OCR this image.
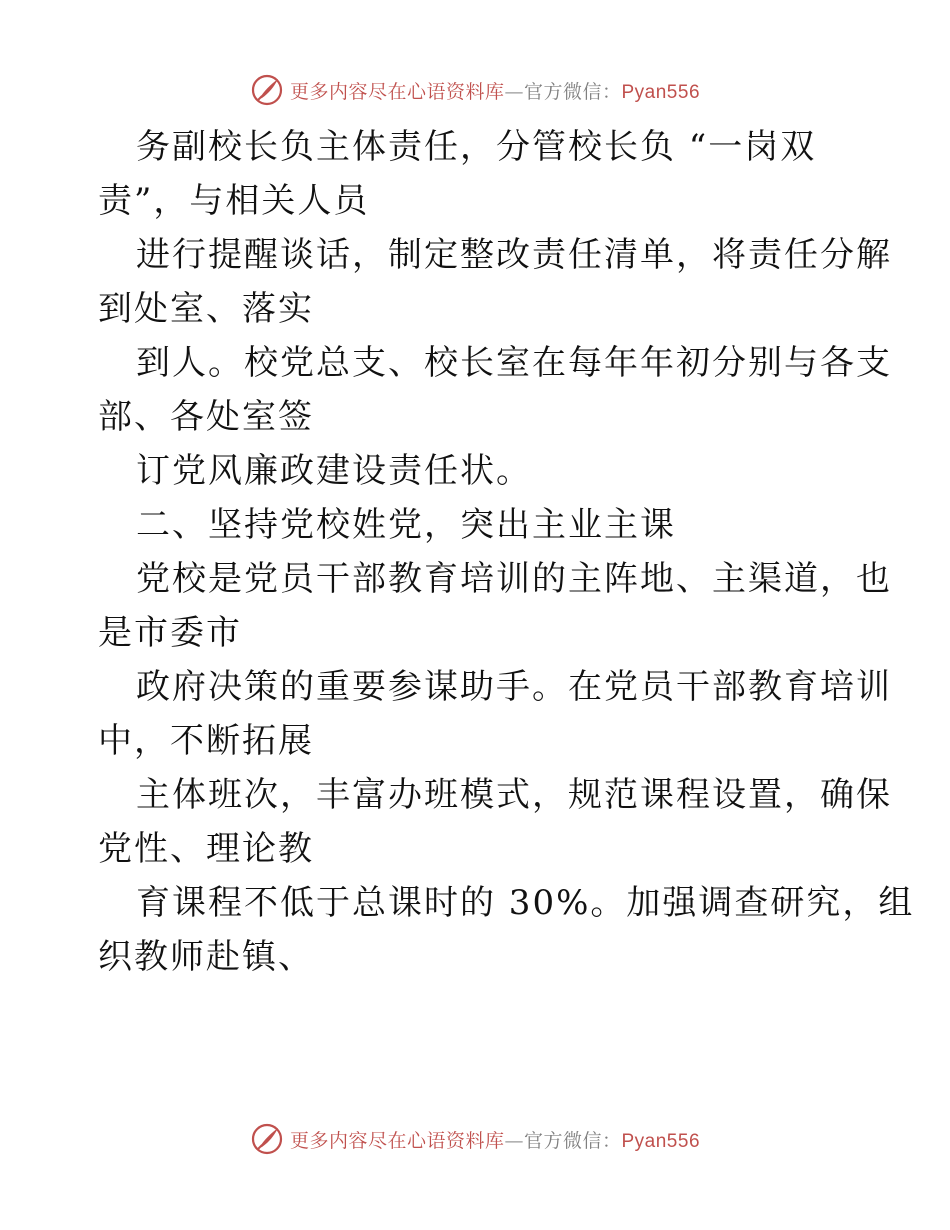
更多内容尽在心语资料库—官方微信：Pyan556
务副校长负主体责任，分管校长负 “一岗双
责”，与相关人员
进行提醒谈话，制定整改责任清单，将责任分解
到处室、落实
到人。校党总支、校长室在每年年初分别与各支
部、各处室签
订党风廉政建设责任状。
二、坚持党校姓党，突出主业主课
党校是党员干部教育培训的主阵地、主渠道，也
是市委市
政府决策的重要参谋助手。在党员干部教育培训
中，不断拓展
主体班次，丰富办班模式，规范课程设置，确保
党性、理论教
育课程不低于总课时的 30%。加强调查研究，组
织教师赴镇、
更多内容尽在心语资料库—官方微信：Pyan556
